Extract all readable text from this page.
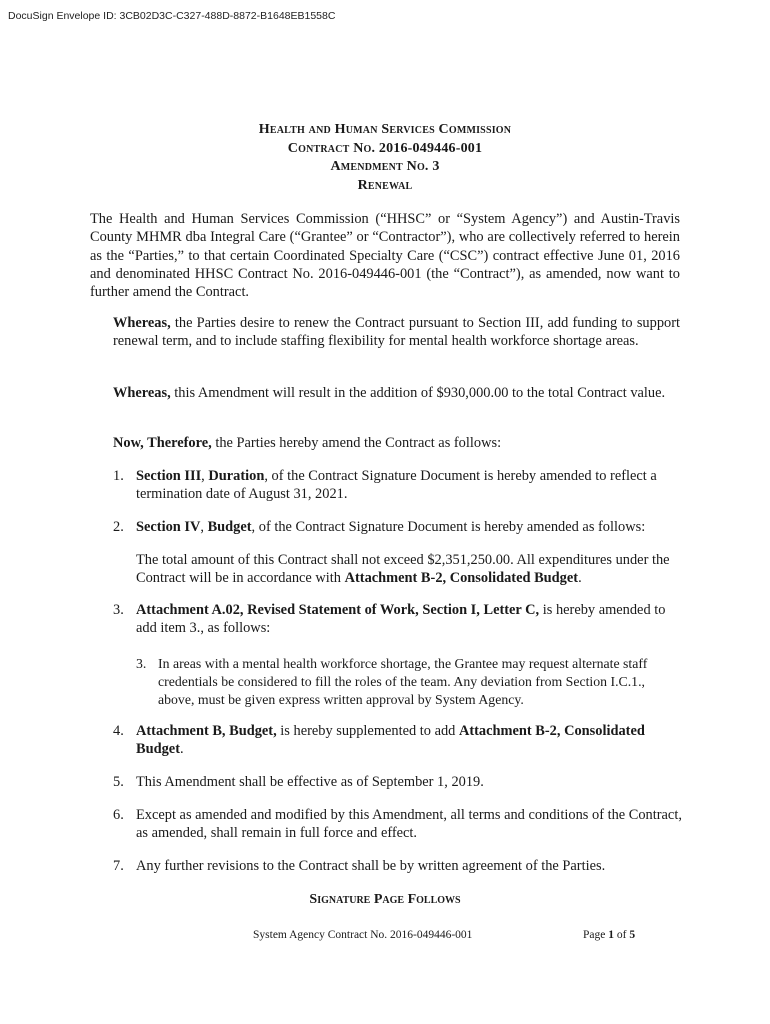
DocuSign Envelope ID: 3CB02D3C-C327-488D-8872-B1648EB1558C
Health and Human Services Commission
Contract No. 2016-049446-001
Amendment No. 3
Renewal
The Health and Human Services Commission (“HHSC” or “System Agency”) and Austin-Travis County MHMR dba Integral Care (“Grantee” or “Contractor”), who are collectively referred to herein as the “Parties,” to that certain Coordinated Specialty Care (“CSC”) contract effective June 01, 2016 and denominated HHSC Contract No. 2016-049446-001 (the “Contract”), as amended, now want to further amend the Contract.
Whereas, the Parties desire to renew the Contract pursuant to Section III, add funding to support renewal term, and to include staffing flexibility for mental health workforce shortage areas.
Whereas, this Amendment will result in the addition of $930,000.00 to the total Contract value.
Now, Therefore, the Parties hereby amend the Contract as follows:
1. Section III, Duration, of the Contract Signature Document is hereby amended to reflect a termination date of August 31, 2021.
2. Section IV, Budget, of the Contract Signature Document is hereby amended as follows:
The total amount of this Contract shall not exceed $2,351,250.00. All expenditures under the Contract will be in accordance with Attachment B-2, Consolidated Budget.
3. Attachment A.02, Revised Statement of Work, Section I, Letter C, is hereby amended to add item 3., as follows:
3. In areas with a mental health workforce shortage, the Grantee may request alternate staff credentials be considered to fill the roles of the team. Any deviation from Section I.C.1., above, must be given express written approval by System Agency.
4. Attachment B, Budget, is hereby supplemented to add Attachment B-2, Consolidated Budget.
5. This Amendment shall be effective as of September 1, 2019.
6. Except as amended and modified by this Amendment, all terms and conditions of the Contract, as amended, shall remain in full force and effect.
7. Any further revisions to the Contract shall be by written agreement of the Parties.
Signature Page Follows
System Agency Contract No. 2016-049446-001	Page 1 of 5
